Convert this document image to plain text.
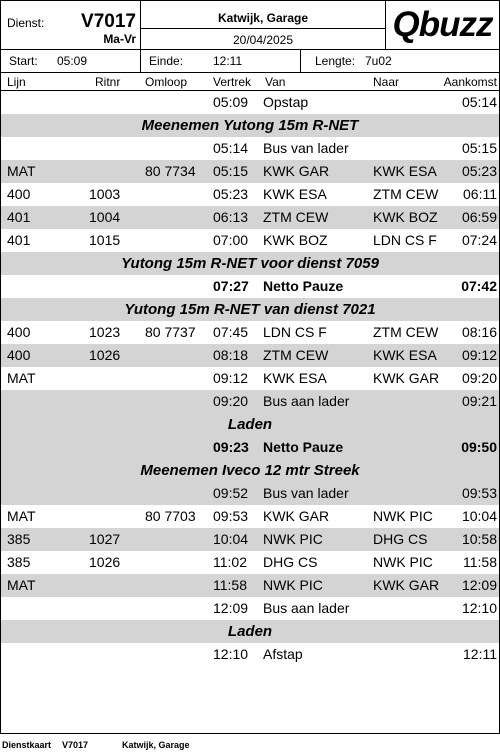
Dienst: V7017
Ma-Vr
Katwijk, Garage
20/04/2025	Qbuzz
Start: 05:09	Einde: 12:11	Lengte: 7u02
Lijn	Ritnr Omloop Vertrek Van	Naar	Aankomst
05:09 Opstap	05:14
Meenemen Yutong 15m R-NET
05:14 Bus van lader	05:15
MAT	80 7734 05:15 KWK GAR	KWK ESA 05:23
400	1003	05:23 KWK ESA	ZTM CEW 06:11
401	1004	06:13 ZTM CEW	KWK BOZ 06:59
401	1015	07:00 KWK BOZ	LDN CS F 07:24
Yutong 15m R-NET voor dienst 7059
07:27 Netto Pauze	07:42
Yutong 15m R-NET van dienst 7021
400	1023 80 7737 07:45 LDN CS F	ZTM CEW 08:16
400	1026	08:18 ZTM CEW	KWK ESA 09:12
MAT	09:12 KWK ESA	KWK GAR 09:20
09:20 Bus aan lader	09:21
Laden
09:23 Netto Pauze	09:50
Meenemen Iveco 12 mtr Streek
09:52 Bus van lader	09:53
MAT	80 7703 09:53 KWK GAR	NWK PIC 10:04
385	1027	10:04 NWK PIC	DHG CS 10:58
385	1026	11:02 DHG CS	NWK PIC 11:58
MAT	11:58 NWK PIC	KWK GAR 12:09
12:09 Bus aan lader	12:10
Laden
12:10 Afstap	12:11
Dienstkaart V7017	Katwijk, Garage
